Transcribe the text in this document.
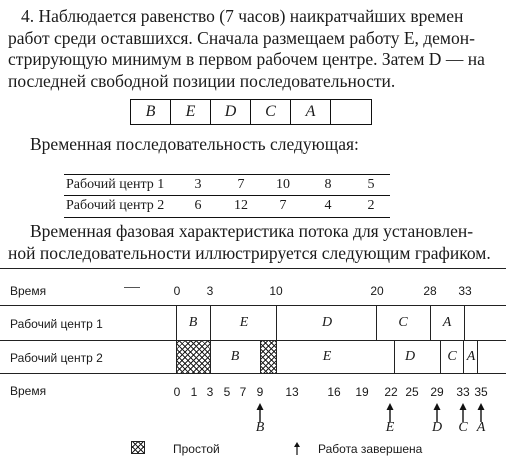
4. Наблюдается равенство (7 часов) наикратчайших времен
работ среди оставшихся. Сначала размещаем работу E, демон-
стрирующую минимум в первом рабочем центре. Затем D — на
последней свободной позиции последовательности.
B	E	D	C	A
Временная последовательность следующая:
Рабочий центр 1	3	7	10	8	5
Рабочий центр 2	6	12	7	4	2
Временная фазовая характеристика потока для установлен-
ной последовательности иллюстрируется следующим графиком.
Время	0	3	10	20	28	33
Рабочий центр 1	B	E	D	C	A
Рабочий центр 2	B	E	D	C A
Время	0 1 3 5 7 9	13	16	19	22 25 29	33 35
B	E	D	C A
Простой	Работа завершена
